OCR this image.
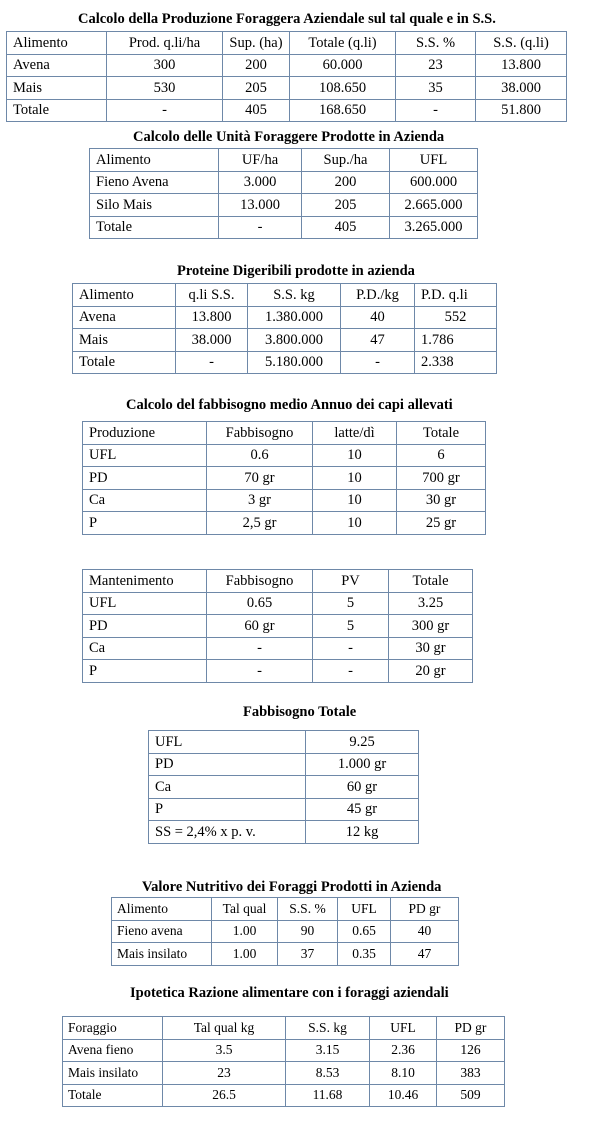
Calcolo della Produzione Foraggera Aziendale sul tal quale e in S.S.
Alimento	Prod. q.li/ha	Sup. (ha)	Totale (q.li)	S.S. %	S.S. (q.li)
Avena	300	200	60.000	23	13.800
Mais	530	205	108.650	35	38.000
Totale	-	405	168.650	-	51.800
Calcolo delle Unità Foraggere Prodotte in Azienda
Alimento	UF/ha	Sup./ha	UFL
Fieno Avena	3.000	200	600.000
Silo Mais	13.000	205	2.665.000
Totale	-	405	3.265.000
Proteine Digeribili prodotte in azienda
Alimento	q.li S.S.	S.S. kg	P.D./kg	P.D. q.li
Avena	13.800	1.380.000	40	552
Mais	38.000	3.800.000	47	1.786
Totale	-	5.180.000	-	2.338
Calcolo del fabbisogno medio Annuo dei capi allevati
Produzione	Fabbisogno	latte/dì	Totale
UFL	0.6	10	6
PD	70 gr	10	700 gr
Ca	3 gr	10	30 gr
P	2,5 gr	10	25 gr
Mantenimento	Fabbisogno	PV	Totale
UFL	0.65	5	3.25
PD	60 gr	5	300 gr
Ca	-	-	30 gr
P	-	-	20 gr
Fabbisogno Totale
UFL	9.25
PD	1.000 gr
Ca	60 gr
P	45 gr
SS = 2,4% x p. v.	12 kg
Valore Nutritivo dei Foraggi Prodotti in Azienda
Alimento	Tal qual	S.S. %	UFL	PD gr
Fieno avena	1.00	90	0.65	40
Mais insilato	1.00	37	0.35	47
Ipotetica Razione alimentare con i foraggi aziendali
Foraggio	Tal qual kg	S.S. kg	UFL	PD gr
Avena fieno	3.5	3.15	2.36	126
Mais insilato	23	8.53	8.10	383
Totale	26.5	11.68	10.46	509
